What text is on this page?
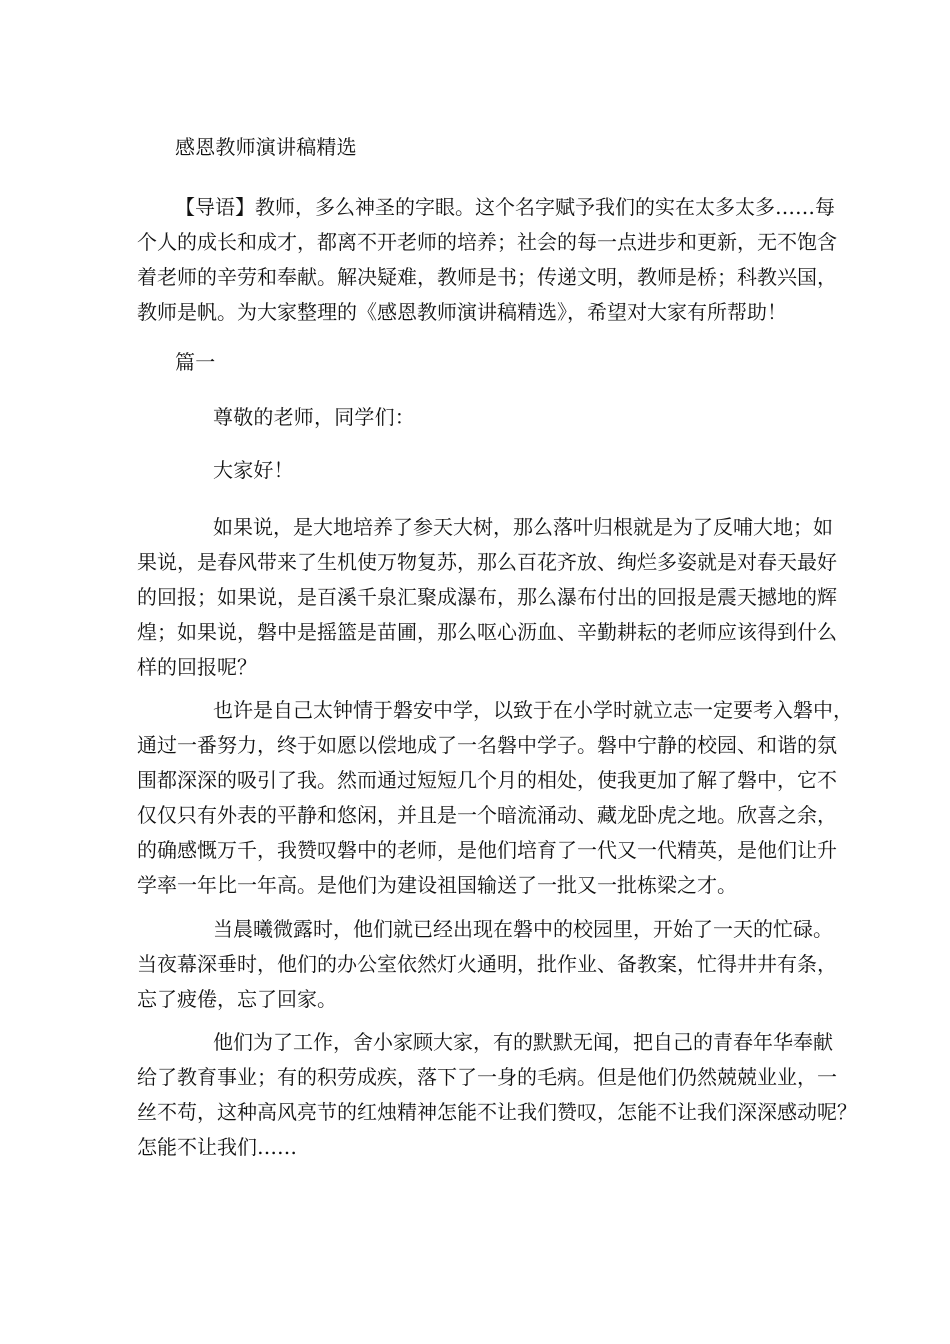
感恩教师演讲稿精选
【导语】教师，多么神圣的字眼。这个名字赋予我们的实在太多太多……每
个人的成长和成才，都离不开老师的培养；社会的每一点进步和更新，无不饱含
着老师的辛劳和奉献。解决疑难，教师是书；传递文明，教师是桥；科教兴国，
教师是帆。为大家整理的《感恩教师演讲稿精选》，希望对大家有所帮助！
篇一
尊敬的老师，同学们：
大家好！
如果说，是大地培养了参天大树，那么落叶归根就是为了反哺大地；如
果说，是春风带来了生机使万物复苏，那么百花齐放、绚烂多姿就是对春天最好
的回报；如果说，是百溪千泉汇聚成瀑布，那么瀑布付出的回报是震天撼地的辉
煌；如果说，磐中是摇篮是苗圃，那么呕心沥血、辛勤耕耘的老师应该得到什么
样的回报呢？
也许是自己太钟情于磐安中学，以致于在小学时就立志一定要考入磐中，
通过一番努力，终于如愿以偿地成了一名磐中学子。磐中宁静的校园、和谐的氛
围都深深的吸引了我。然而通过短短几个月的相处，使我更加了解了磐中，它不
仅仅只有外表的平静和悠闲，并且是一个暗流涌动、藏龙卧虎之地。欣喜之余，
的确感慨万千，我赞叹磐中的老师，是他们培育了一代又一代精英，是他们让升
学率一年比一年高。是他们为建设祖国输送了一批又一批栋梁之才。
当晨曦微露时，他们就已经出现在磐中的校园里，开始了一天的忙碌。
当夜幕深垂时，他们的办公室依然灯火通明，批作业、备教案，忙得井井有条，
忘了疲倦，忘了回家。
他们为了工作，舍小家顾大家，有的默默无闻，把自己的青春年华奉献
给了教育事业；有的积劳成疾，落下了一身的毛病。但是他们仍然兢兢业业，一
丝不苟，这种高风亮节的红烛精神怎能不让我们赞叹，怎能不让我们深深感动呢？
怎能不让我们……
